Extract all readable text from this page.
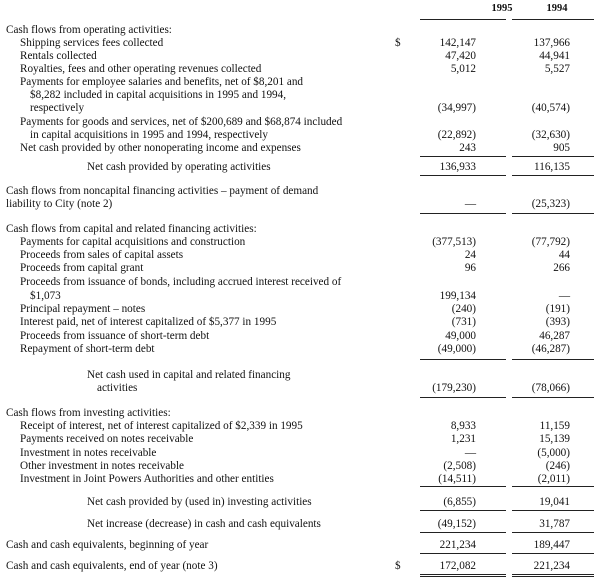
1995	1994
Cash flows from operating activities:
Shipping services fees collected	$	142,147	137,966
Rentals collected	47,420	44,941
Royalties, fees and other operating revenues collected	5,012	5,527
Payments for employee salaries and benefits, net of $8,201 and
$8,282 included in capital acquisitions in 1995 and 1994,
respectively	(34,997)	(40,574)
Payments for goods and services, net of $200,689 and $68,874 included
in capital acquisitions in 1995 and 1994, respectively	(22,892)	(32,630)
Net cash provided by other nonoperating income and expenses	243	905
Net cash provided by operating activities	136,933	116,135
Cash flows from noncapital financing activities – payment of demand
liability to City (note 2)	—	(25,323)
Cash flows from capital and related financing activities:
Payments for capital acquisitions and construction	(377,513)	(77,792)
Proceeds from sales of capital assets	24	44
Proceeds from capital grant	96	266
Proceeds from issuance of bonds, including accrued interest received of
$1,073	199,134	—
Principal repayment – notes	(240)	(191)
Interest paid, net of interest capitalized of $5,377 in 1995	(731)	(393)
Proceeds from issuance of short-term debt	49,000	46,287
Repayment of short-term debt	(49,000)	(46,287)
Net cash used in capital and related financing
activities	(179,230)	(78,066)
Cash flows from investing activities:
Receipt of interest, net of interest capitalized of $2,339 in 1995	8,933	11,159
Payments received on notes receivable	1,231	15,139
Investment in notes receivable	—	(5,000)
Other investment in notes receivable	(2,508)	(246)
Investment in Joint Powers Authorities and other entities	(14,511)	(2,011)
Net cash provided by (used in) investing activities	(6,855)	19,041
Net increase (decrease) in cash and cash equivalents	(49,152)	31,787
Cash and cash equivalents, beginning of year	221,234	189,447
Cash and cash equivalents, end of year (note 3)	$	172,082	221,234
